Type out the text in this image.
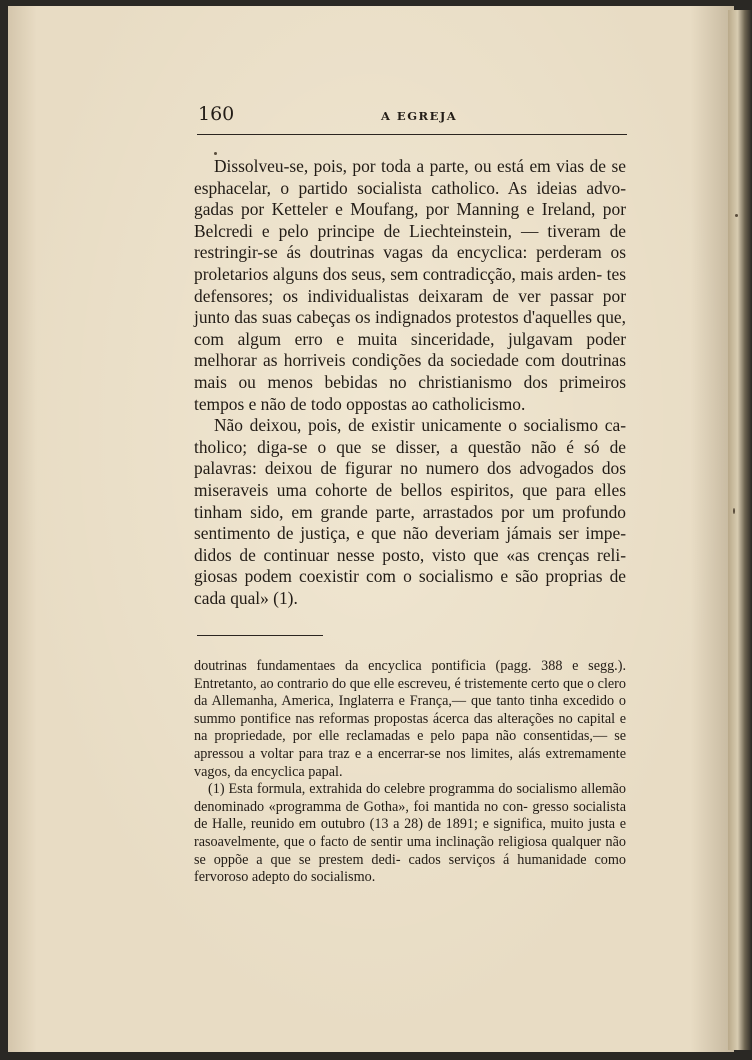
160	A EGREJA

Dissolveu-se, pois, por toda a parte, ou está em vias de se esphacelar, o partido socialista catholico. As ideias advo- gadas por Ketteler e Moufang, por Manning e Ireland, por Belcredi e pelo principe de Liechteinstein, — tiveram de restringir-se ás doutrinas vagas da encyclica: perderam os proletarios alguns dos seus, sem contradicção, mais arden- tes defensores; os individualistas deixaram de ver passar por junto das suas cabeças os indignados protestos d'aquelles que, com algum erro e muita sinceridade, julgavam poder melhorar as horriveis condições da sociedade com doutrinas mais ou menos bebidas no christianismo dos primeiros tempos e não de todo oppostas ao catholicismo.

Não deixou, pois, de existir unicamente o socialismo ca- tholico; diga-se o que se disser, a questão não é só de palavras: deixou de figurar no numero dos advogados dos miseraveis uma cohorte de bellos espiritos, que para elles tinham sido, em grande parte, arrastados por um profundo sentimento de justiça, e que não deveriam jámais ser impe- didos de continuar nesse posto, visto que «as crenças reli- giosas podem coexistir com o socialismo e são proprias de cada qual» (1).

doutrinas fundamentaes da encyclica pontificia (pagg. 388 e segg.). Entretanto, ao contrario do que elle escreveu, é tristemente certo que o clero da Allemanha, America, Inglaterra e França,— que tanto tinha excedido o summo pontifice nas reformas propostas ácerca das alterações no capital e na propriedade, por elle reclamadas e pelo papa não consentidas,— se apressou a voltar para traz e a encerrar-se nos limites, alás extremamente vagos, da encyclica papal.

(1) Esta formula, extrahida do celebre programma do socialismo allemão denominado «programma de Gotha», foi mantida no con- gresso socialista de Halle, reunido em outubro (13 a 28) de 1891; e significa, muito justa e rasoavelmente, que o facto de sentir uma inclinação religiosa qualquer não se oppõe a que se prestem dedi- cados serviços á humanidade como fervoroso adepto do socialismo.
